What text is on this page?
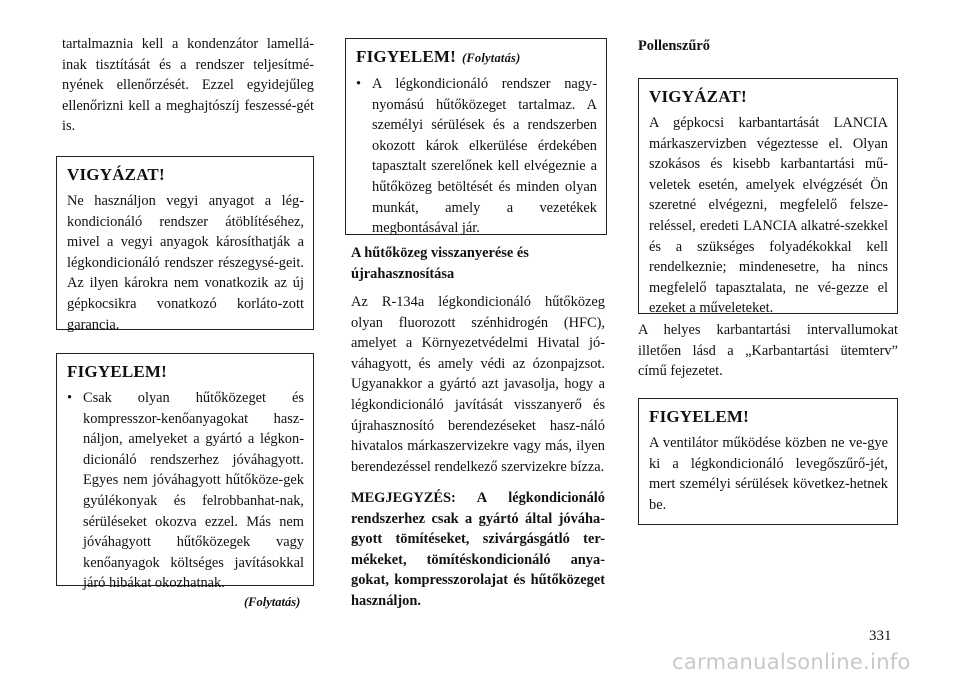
tartalmaznia kell a kondenzátor lamellá-inak tisztítását és a rendszer teljesítmé-nyének ellenőrzését. Ezzel egyidejűleg ellenőrizni kell a meghajtószíj feszessé-gét is.

VIGYÁZAT!
Ne használjon vegyi anyagot a lég-kondicionáló rendszer átöblítéséhez, mivel a vegyi anyagok károsíthatják a légkondicionáló rendszer részegysé-geit. Az ilyen károkra nem vonatkozik az új gépkocsikra vonatkozó korláto-zott garancia.
FIGYELEM!
• Csak olyan hűtőközeget és kompresszor-kenőanyagokat hasz-náljon, amelyeket a gyártó a légkon-dicionáló rendszerhez jóváhagyott. Egyes nem jóváhagyott hűtőköze-gek gyúlékonyak és felrobbanhat-nak, sérüléseket okozva ezzel. Más nem jóváhagyott hűtőközegek vagy kenőanyagok költséges javításokkal járó hibákat okozhatnak.
(Folytatás)
FIGYELEM! (Folytatás)
• A légkondicionáló rendszer nagy-nyomású hűtőközeget tartalmaz. A személyi sérülések és a rendszerben okozott károk elkerülése érdekében tapasztalt szerelőnek kell elvégeznie a hűtőközeg betöltését és minden olyan munkát, amely a vezetékek megbontásával jár.
A hűtőközeg visszanyerése és újrahasznosítása

Az R-134a légkondicionáló hűtőközeg olyan fluorozott szénhidrogén (HFC), amelyet a Környezetvédelmi Hivatal jó-váhagyott, és amely védi az ózonpajzsot. Ugyanakkor a gyártó azt javasolja, hogy a légkondicionáló javítását visszanyerő és újrahasznosító berendezéseket hasz-náló hivatalos márkaszervizekre vagy más, ilyen berendezéssel rendelkező szervizekre bízza.

MEGJEGYZÉS: A légkondicionáló rendszerhez csak a gyártó által jóváha-gyott tömítéseket, szivárgásgátló ter-mékeket, tömítéskondicionáló anya-gokat, kompresszorolajat és hűtőközeget használjon.

Pollenszűrő
VIGYÁZAT!
A gépkocsi karbantartását LANCIA márkaszervizben végeztesse el. Olyan szokásos és kisebb karbantartási mű-veletek esetén, amelyek elvégzését Ön szeretné elvégezni, megfelelő felsze-reléssel, eredeti LANCIA alkatré-szekkel és a szükséges folyadékokkal kell rendelkeznie; mindenesetre, ha nincs megfelelő tapasztalata, ne vé-gezze el ezeket a műveleteket.

A helyes karbantartási intervallumokat illetően lásd a „Karbantartási ütemterv” című fejezetet.

FIGYELEM!
A ventilátor működése közben ne ve-gye ki a légkondicionáló levegőszűrő-jét, mert személyi sérülések következ-hetnek be.
331
carmanualsonline.info
